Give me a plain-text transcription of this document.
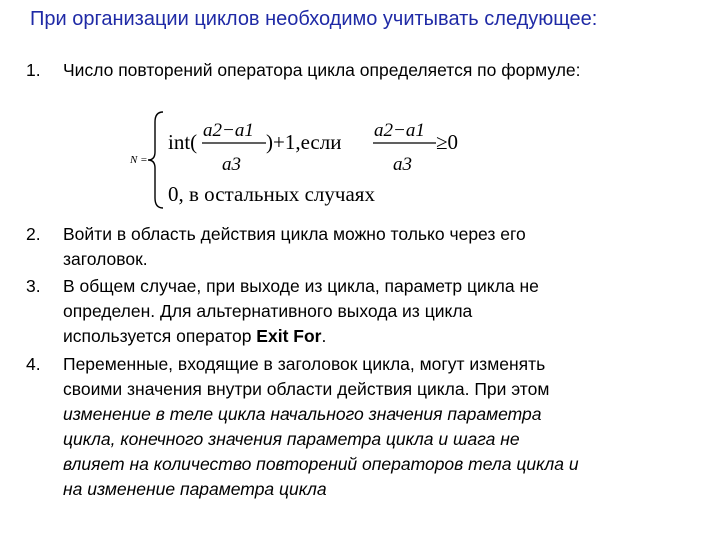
При организации циклов необходимо учитывать следующее:
1. Число повторений оператора цикла определяется по формуле:
N =
int( a2−a1
a3
)+1,если a2−a1
a3
≥0
0, в остальных случаях
2. Войти в область действия цикла можно только через его
заголовок.
3. В общем случае, при выходе из цикла, параметр цикла не
определен. Для альтернативного выхода из цикла
используется оператор Exit For.
4. Переменные, входящие в заголовок цикла, могут изменять
своими значения внутри области действия цикла. При этом
изменение в теле цикла начального значения параметра
цикла, конечного значения параметра цикла и шага не
влияет на количество повторений операторов тела цикла и
на изменение параметра цикла
